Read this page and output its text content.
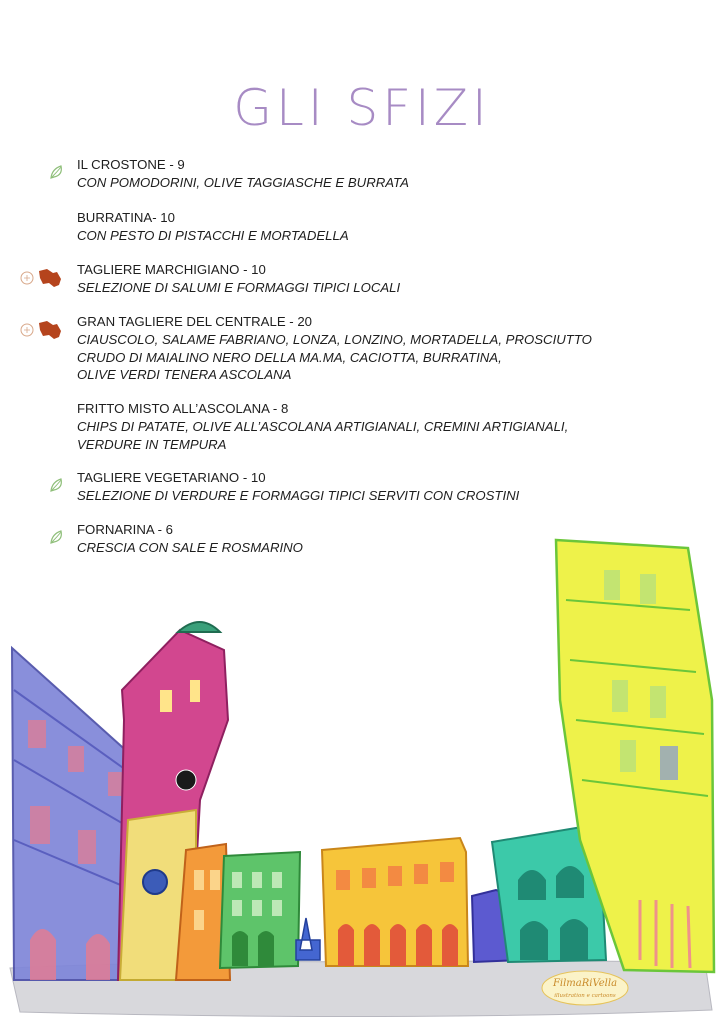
GLI SFIZI
IL CROSTONE - 9
CON POMODORINI, OLIVE TAGGIASCHE E BURRATA
BURRATINA- 10
CON PESTO DI PISTACCHI E MORTADELLA
TAGLIERE MARCHIGIANO - 10
SELEZIONE DI SALUMI E FORMAGGI TIPICI LOCALI
GRAN TAGLIERE DEL CENTRALE - 20
CIAUSCOLO, SALAME FABRIANO, LONZA, LONZINO, MORTADELLA, PROSCIUTTO
CRUDO DI MAIALINO NERO DELLA MA.MA, CACIOTTA, BURRATINA,
OLIVE VERDI TENERA ASCOLANA
FRITTO MISTO ALL’ASCOLANA - 8
CHIPS DI PATATE, OLIVE ALL’ASCOLANA ARTIGIANALI, CREMINI ARTIGIANALI,
VERDURE IN TEMPURA
TAGLIERE VEGETARIANO - 10
SELEZIONE DI VERDURE E FORMAGGI TIPICI SERVITI CON CROSTINI
FORNARINA - 6
CRESCIA CON SALE E ROSMARINO
FilmaRiVella
illustration e cartoons
